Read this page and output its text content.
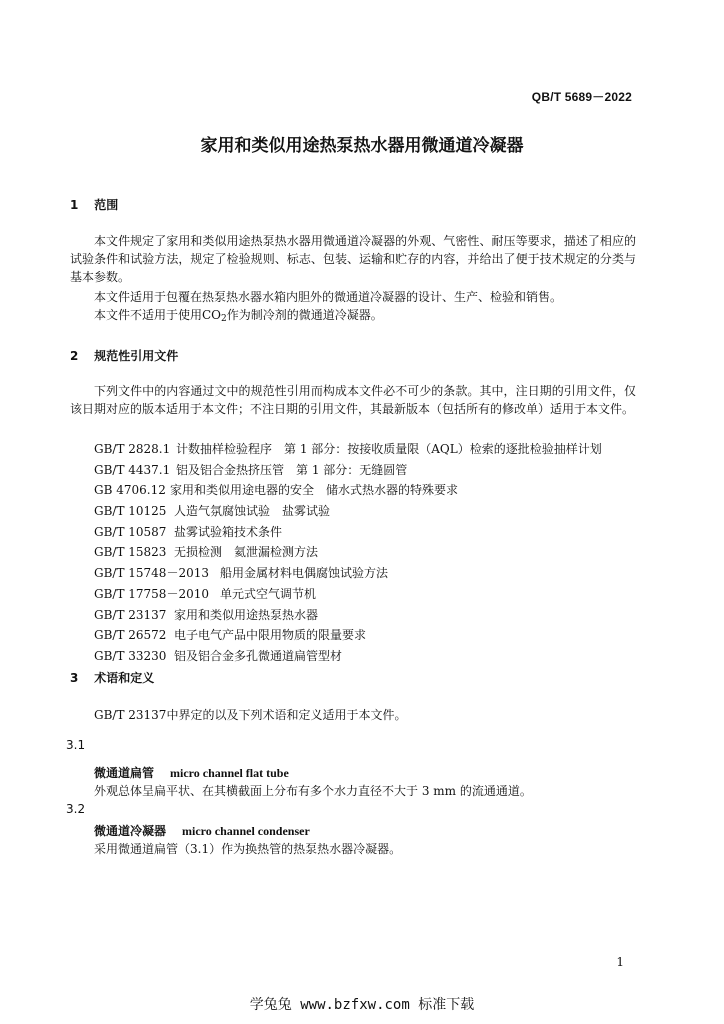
QB/T 5689－2022
家用和类似用途热泵热水器用微通道冷凝器
1 范围
本文件规定了家用和类似用途热泵热水器用微通道冷凝器的外观、气密性、耐压等要求，描述了相应的试验条件和试验方法，规定了检验规则、标志、包装、运输和贮存的内容，并给出了便于技术规定的分类与基本参数。
本文件适用于包覆在热泵热水器水箱内胆外的微通道冷凝器的设计、生产、检验和销售。
本文件不适用于使用$CO_2$作为制冷剂的微通道冷凝器。
2 规范性引用文件
下列文件中的内容通过文中的规范性引用而构成本文件必不可少的条款。其中，注日期的引用文件，仅该日期对应的版本适用于本文件；不注日期的引用文件，其最新版本（包括所有的修改单）适用于本文件。
GB/T 2828.1 计数抽样检验程序　第 1 部分：按接收质量限（AQL）检索的逐批检验抽样计划
GB/T 4437.1 铝及铝合金热挤压管　第 1 部分：无缝圆管
GB 4706.12 家用和类似用途电器的安全　储水式热水器的特殊要求
GB/T 10125 人造气氛腐蚀试验　盐雾试验
GB/T 10587 盐雾试验箱技术条件
GB/T 15823 无损检测　氦泄漏检测方法
GB/T 15748－2013 船用金属材料电偶腐蚀试验方法
GB/T 17758－2010 单元式空气调节机
GB/T 23137 家用和类似用途热泵热水器
GB/T 26572 电子电气产品中限用物质的限量要求
GB/T 33230 铝及铝合金多孔微通道扁管型材
3 术语和定义
GB/T 23137中界定的以及下列术语和定义适用于本文件。
3.1
微通道扁管 micro channel flat tube
外观总体呈扁平状、在其横截面上分布有多个水力直径不大于 3 mm 的流通通道。
3.2
微通道冷凝器 micro channel condenser
采用微通道扁管（3.1）作为换热管的热泵热水器冷凝器。
1
学兔兔 www.bzfxw.com 标准下载
